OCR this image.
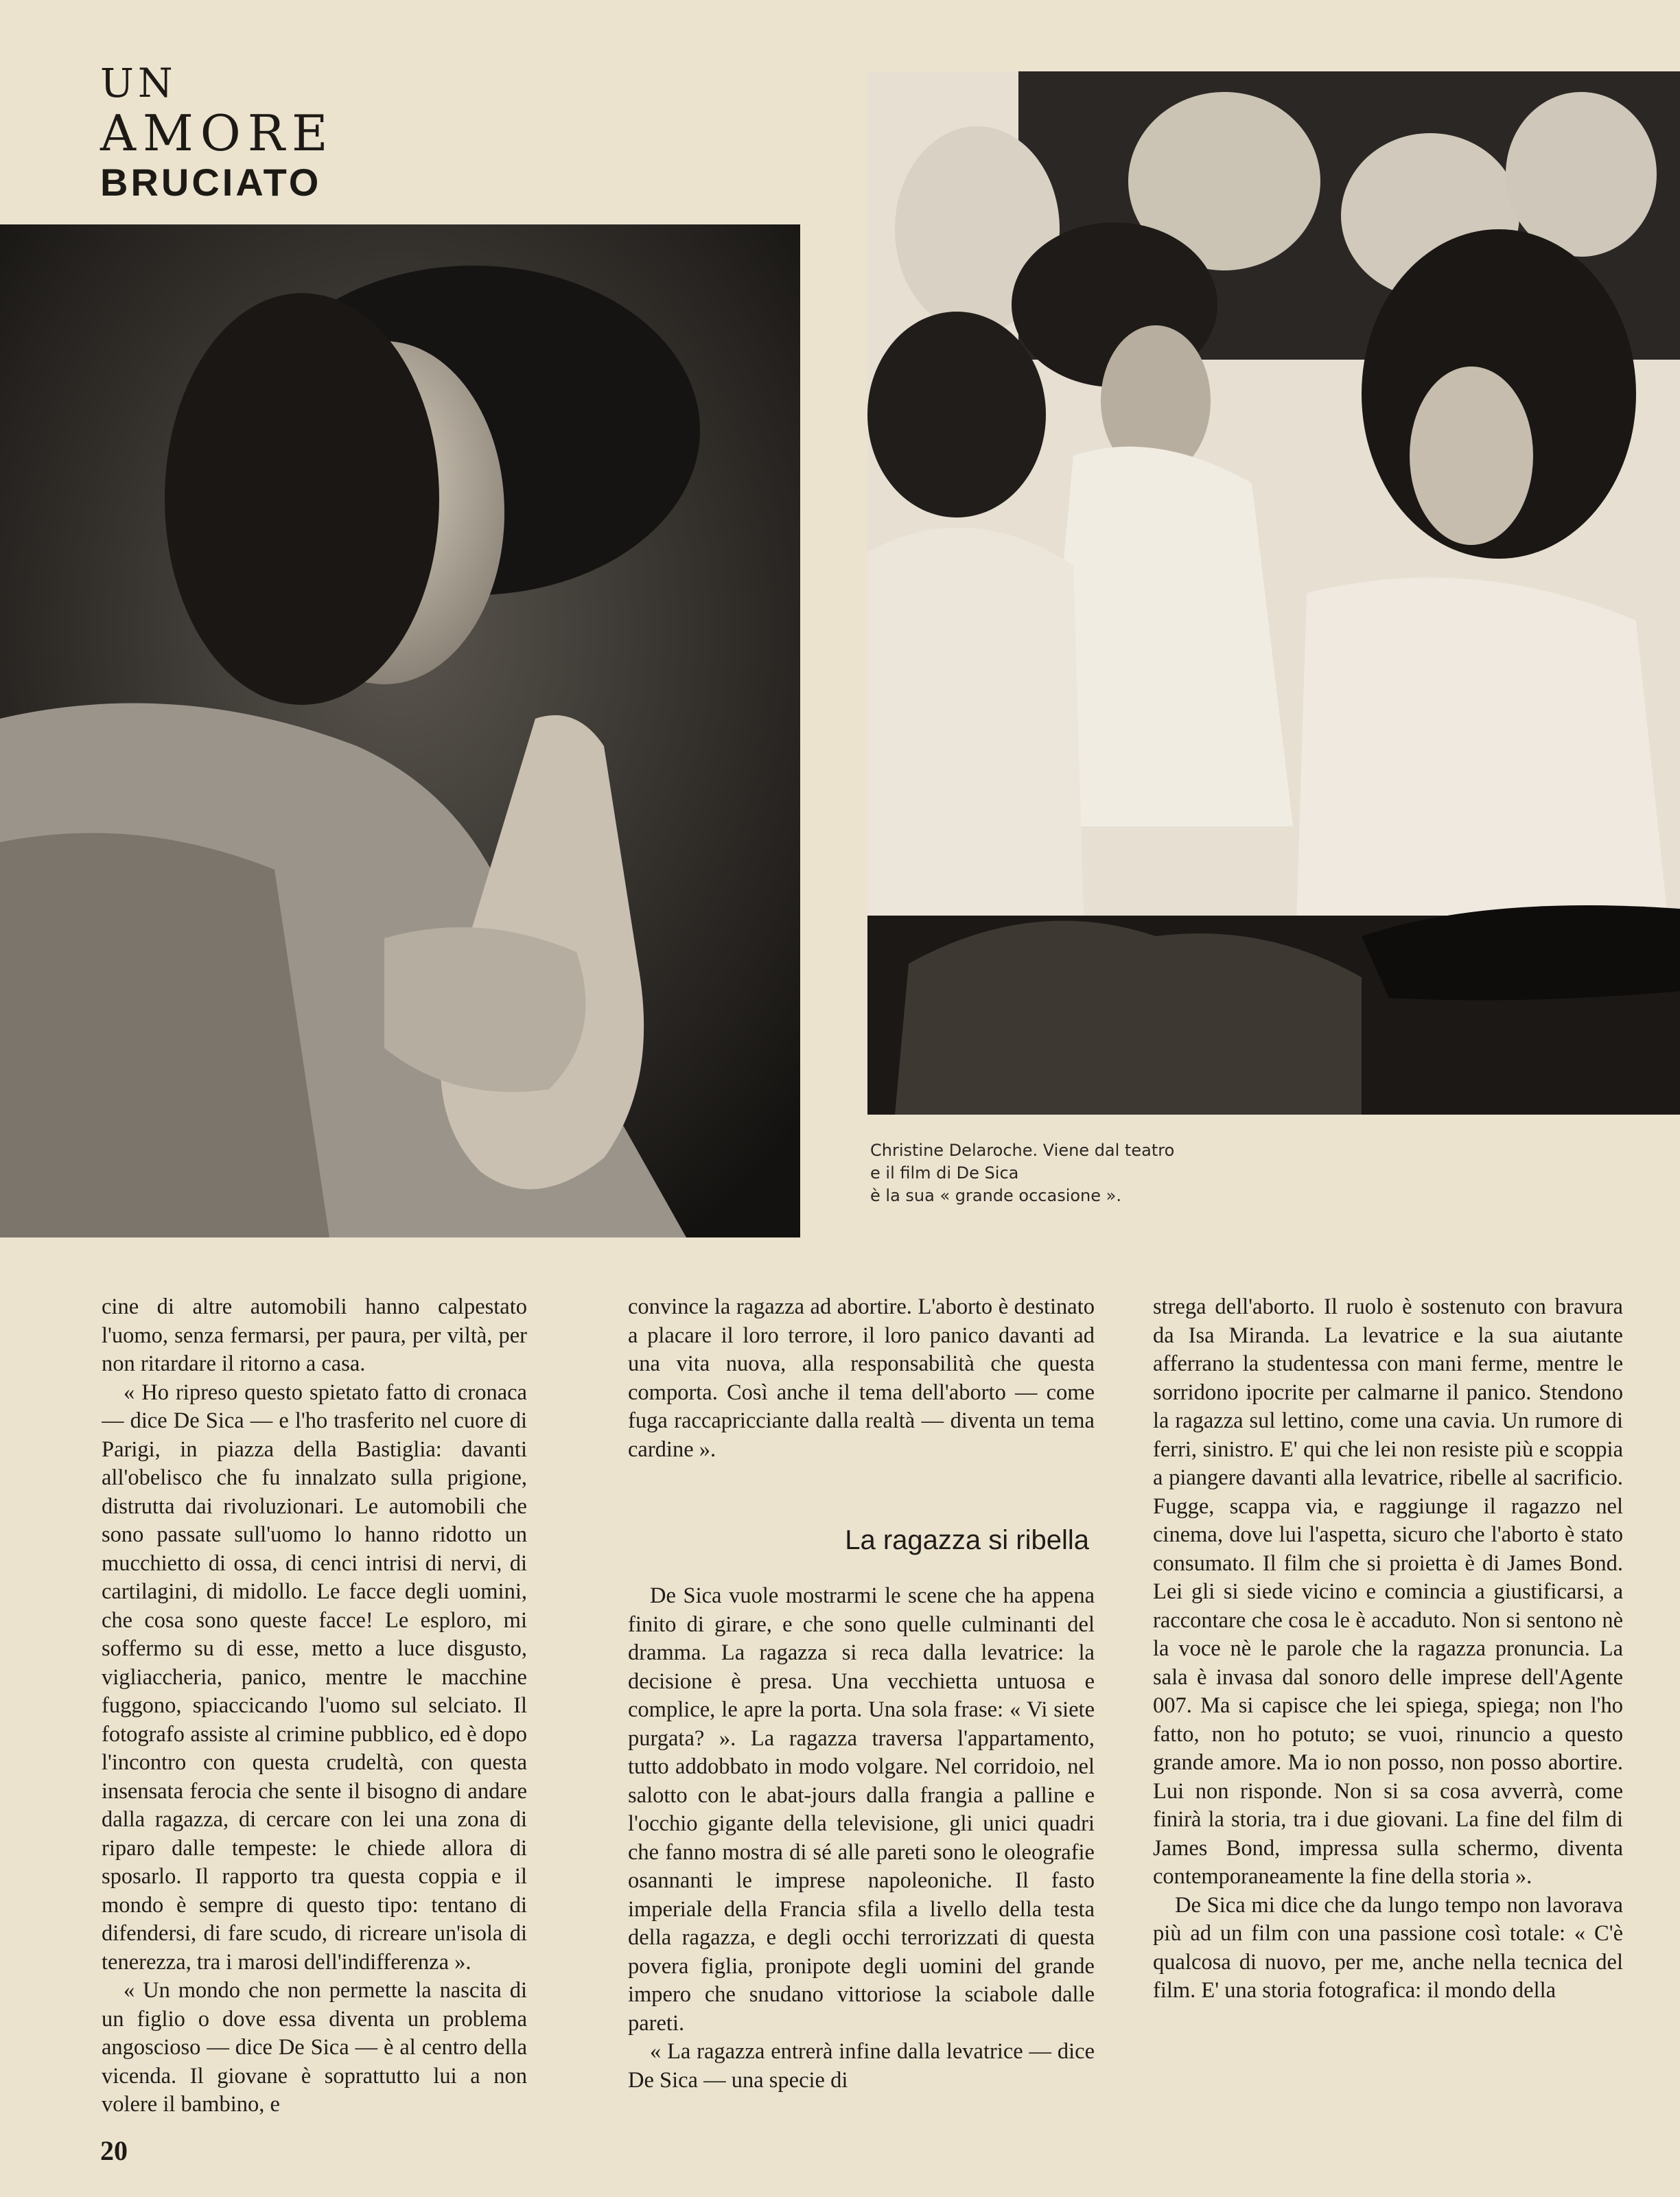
UN
AMORE
BRUCIATO
Christine Delaroche. Viene dal teatro
e il film di De Sica
è la sua « grande occasione ».

cine di altre automobili hanno calpestato l'uomo, senza fermarsi, per paura, per viltà, per non ritardare il ritorno a casa.

« Ho ripreso questo spietato fatto di cronaca — dice De Sica — e l'ho trasferito nel cuore di Parigi, in piazza della Bastiglia: davanti all'obelisco che fu innalzato sulla prigione, distrutta dai rivoluzionari. Le automobili che sono passate sull'uomo lo hanno ridotto un mucchietto di ossa, di cenci intrisi di nervi, di cartilagini, di midollo. Le facce degli uomini, che cosa sono queste facce! Le esploro, mi soffermo su di esse, metto a luce disgusto, vigliaccheria, panico, mentre le macchine fuggono, spiaccicando l'uomo sul selciato. Il fotografo assiste al crimine pubblico, ed è dopo l'incontro con questa crudeltà, con questa insensata ferocia che sente il bisogno di andare dalla ragazza, di cercare con lei una zona di riparo dalle tempeste: le chiede allora di sposarlo. Il rapporto tra questa coppia e il mondo è sempre di questo tipo: tentano di difendersi, di fare scudo, di ricreare un'isola di tenerezza, tra i marosi dell'indifferenza ».

« Un mondo che non permette la nascita di un figlio o dove essa diventa un problema angoscioso — dice De Sica — è al centro della vicenda. Il giovane è soprattutto lui a non volere il bambino, e

convince la ragazza ad abortire. L'aborto è destinato a placare il loro terrore, il loro panico davanti ad una vita nuova, alla responsabilità che questa comporta. Così anche il tema dell'aborto — come fuga raccapricciante dalla realtà — diventa un tema cardine ».

La ragazza si ribella

De Sica vuole mostrarmi le scene che ha appena finito di girare, e che sono quelle culminanti del dramma. La ragazza si reca dalla levatrice: la decisione è presa. Una vecchietta untuosa e complice, le apre la porta. Una sola frase: « Vi siete purgata? ». La ragazza traversa l'appartamento, tutto addobbato in modo volgare. Nel corridoio, nel salotto con le abat-jours dalla frangia a palline e l'occhio gigante della televisione, gli unici quadri che fanno mostra di sé alle pareti sono le oleografie osannanti le imprese napoleoniche. Il fasto imperiale della Francia sfila a livello della testa della ragazza, e degli occhi terrorizzati di questa povera figlia, pronipote degli uomini del grande impero che snudano vittoriose la sciabole dalle pareti.

« La ragazza entrerà infine dalla levatrice — dice De Sica — una specie di

strega dell'aborto. Il ruolo è sostenuto con bravura da Isa Miranda. La levatrice e la sua aiutante afferrano la studentessa con mani ferme, mentre le sorridono ipocrite per calmarne il panico. Stendono la ragazza sul lettino, come una cavia. Un rumore di ferri, sinistro. E' qui che lei non resiste più e scoppia a piangere davanti alla levatrice, ribelle al sacrificio. Fugge, scappa via, e raggiunge il ragazzo nel cinema, dove lui l'aspetta, sicuro che l'aborto è stato consumato. Il film che si proietta è di James Bond. Lei gli si siede vicino e comincia a giustificarsi, a raccontare che cosa le è accaduto. Non si sentono nè la voce nè le parole che la ragazza pronuncia. La sala è invasa dal sonoro delle imprese dell'Agente 007. Ma si capisce che lei spiega, spiega; non l'ho fatto, non ho potuto; se vuoi, rinuncio a questo grande amore. Ma io non posso, non posso abortire. Lui non risponde. Non si sa cosa avverrà, come finirà la storia, tra i due giovani. La fine del film di James Bond, impressa sulla schermo, diventa contemporaneamente la fine della storia ».

De Sica mi dice che da lungo tempo non lavorava più ad un film con una passione così totale: « C'è qualcosa di nuovo, per me, anche nella tecnica del film. E' una storia fotografica: il mondo della

20
